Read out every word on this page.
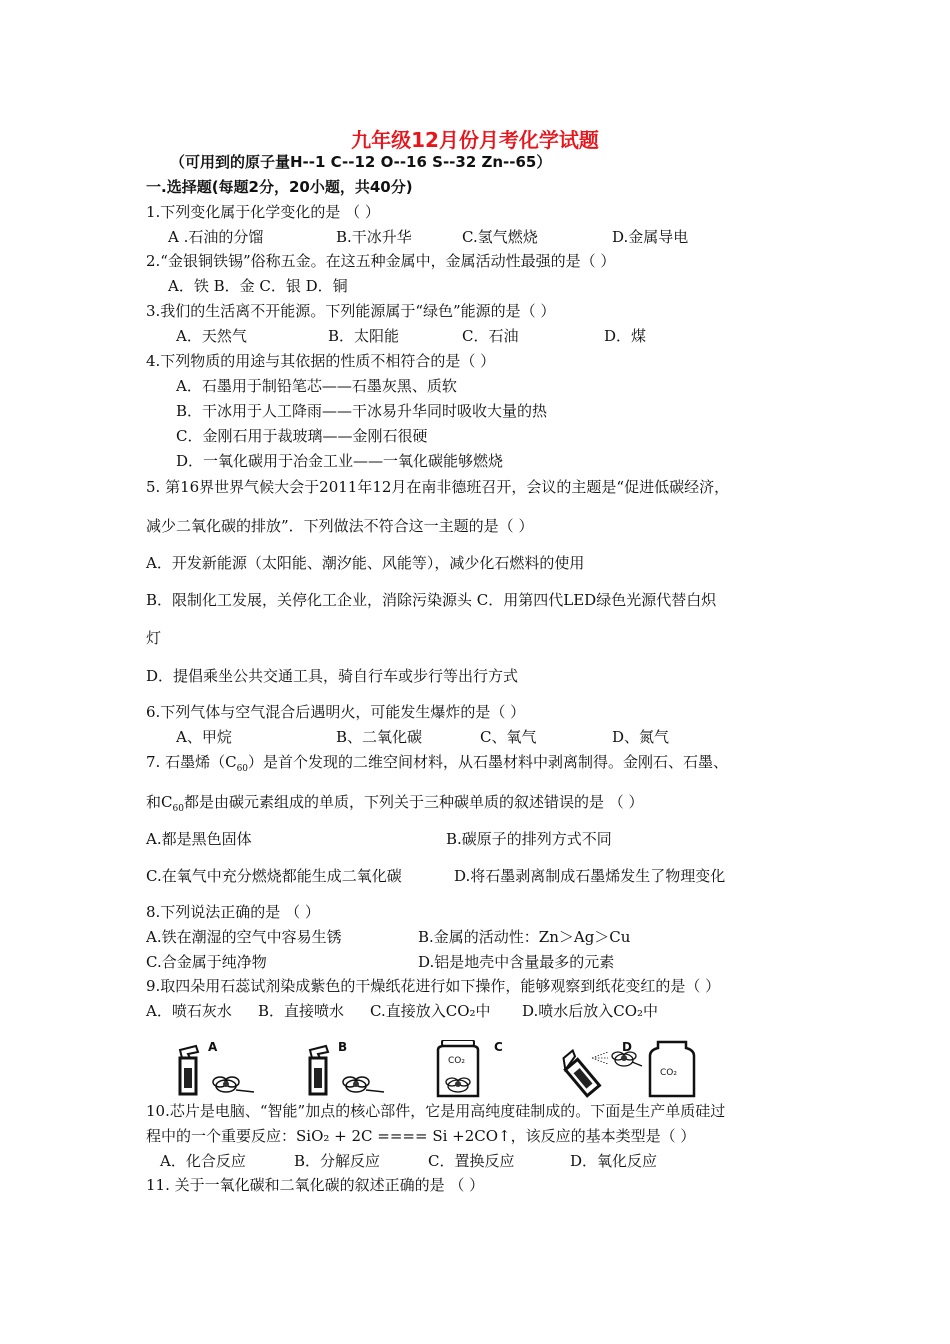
九年级12月份月考化学试题
（可用到的原子量H--1 C--12 O--16 S--32 Zn--65）
一.选择题(每题2分，20小题，共40分)
1.下列变化属于化学变化的是 （ ）
A .石油的分馏	B.干冰升华	C.氢气燃烧	D.金属导电
2.“金银铜铁锡”俗称五金。在这五种金属中，金属活动性最强的是（ ）
A．铁 B．金 C．银 D．铜
3.我们的生活离不开能源。下列能源属于“绿色”能源的是（ ）
A．天然气	B．太阳能	C．石油	D．煤
4.下列物质的用途与其依据的性质不相符合的是（ ）
A．石墨用于制铅笔芯——石墨灰黑、质软
B．干冰用于人工降雨——干冰易升华同时吸收大量的热
C．金刚石用于裁玻璃——金刚石很硬
D．一氧化碳用于冶金工业——一氧化碳能够燃烧
5. 第16界世界气候大会于2011年12月在南非德班召开，会议的主题是“促进低碳经济，
减少二氧化碳的排放”．下列做法不符合这一主题的是（ ）
A．开发新能源（太阳能、潮汐能、风能等），减少化石燃料的使用
B．限制化工发展，关停化工企业，消除污染源头 C．用第四代LED绿色光源代替白炽
灯
D．提倡乘坐公共交通工具，骑自行车或步行等出行方式
6.下列气体与空气混合后遇明火，可能发生爆炸的是（ ）
A、甲烷	B、二氧化碳	C、氧气	D、氮气
7. 石墨烯$(C_{60})$是首个发现的二维空间材料，从石墨材料中剥离制得。金刚石、石墨、
和$C_{60}$都是由碳元素组成的单质，下列关于三种碳单质的叙述错误的是 （ ）
A.都是黑色固体	B.碳原子的排列方式不同
C.在氧气中充分燃烧都能生成二氧化碳	D.将石墨剥离制成石墨烯发生了物理变化
8.下列说法正确的是 （ ）
A.铁在潮湿的空气中容易生锈	B.金属的活动性：Zn＞Ag＞Cu
C.合金属于纯净物	D.铝是地壳中含量最多的元素
9.取四朵用石蕊试剂染成紫色的干燥纸花进行如下操作，能够观察到纸花变红的是（ ）
A．喷石灰水 B．直接喷水 C.直接放入CO₂中 D.喷水后放入CO₂中
A	B
CO₂
C
CO₂
D
10.芯片是电脑、“智能”加点的核心部件，它是用高纯度硅制成的。下面是生产单质硅过
程中的一个重要反应：SiO₂ + 2C ==== Si +2CO↑，该反应的基本类型是（ ）
A．化合反应	B．分解反应	C．置换反应	D．氧化反应
11. 关于一氧化碳和二氧化碳的叙述正确的是 （ ）
